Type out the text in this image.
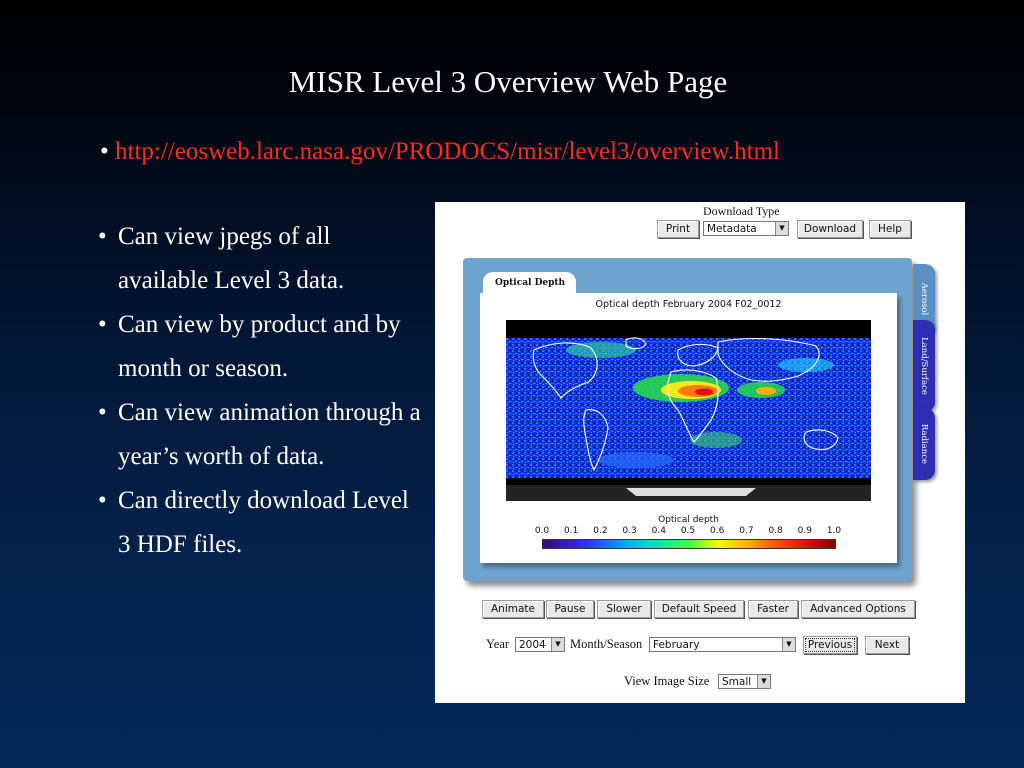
MISR Level 3 Overview Web Page
• http://eosweb.larc.nasa.gov/PRODOCS/misr/level3/overview.html
• Can view jpegs of all available Level 3 data.
• Can view by product and by month or season.
• Can view animation through a year’s worth of data.
• Can directly download Level 3 HDF files.
Download Type
Print	Metadata	▼	Download	Help
Optical Depth	Aerosol
Land/Surface
Radiance
Optical depth February 2004 F02_0012
Optical depth
0.0 0.1 0.2 0.3 0.4 0.5 0.6 0.7 0.8 0.9 1.0
Animate	Pause	Slower	Default Speed	Faster	Advanced Options
Year 2004	▼ Month/Season	February	▼	Previous	Next
View Image Size	Small	▼
